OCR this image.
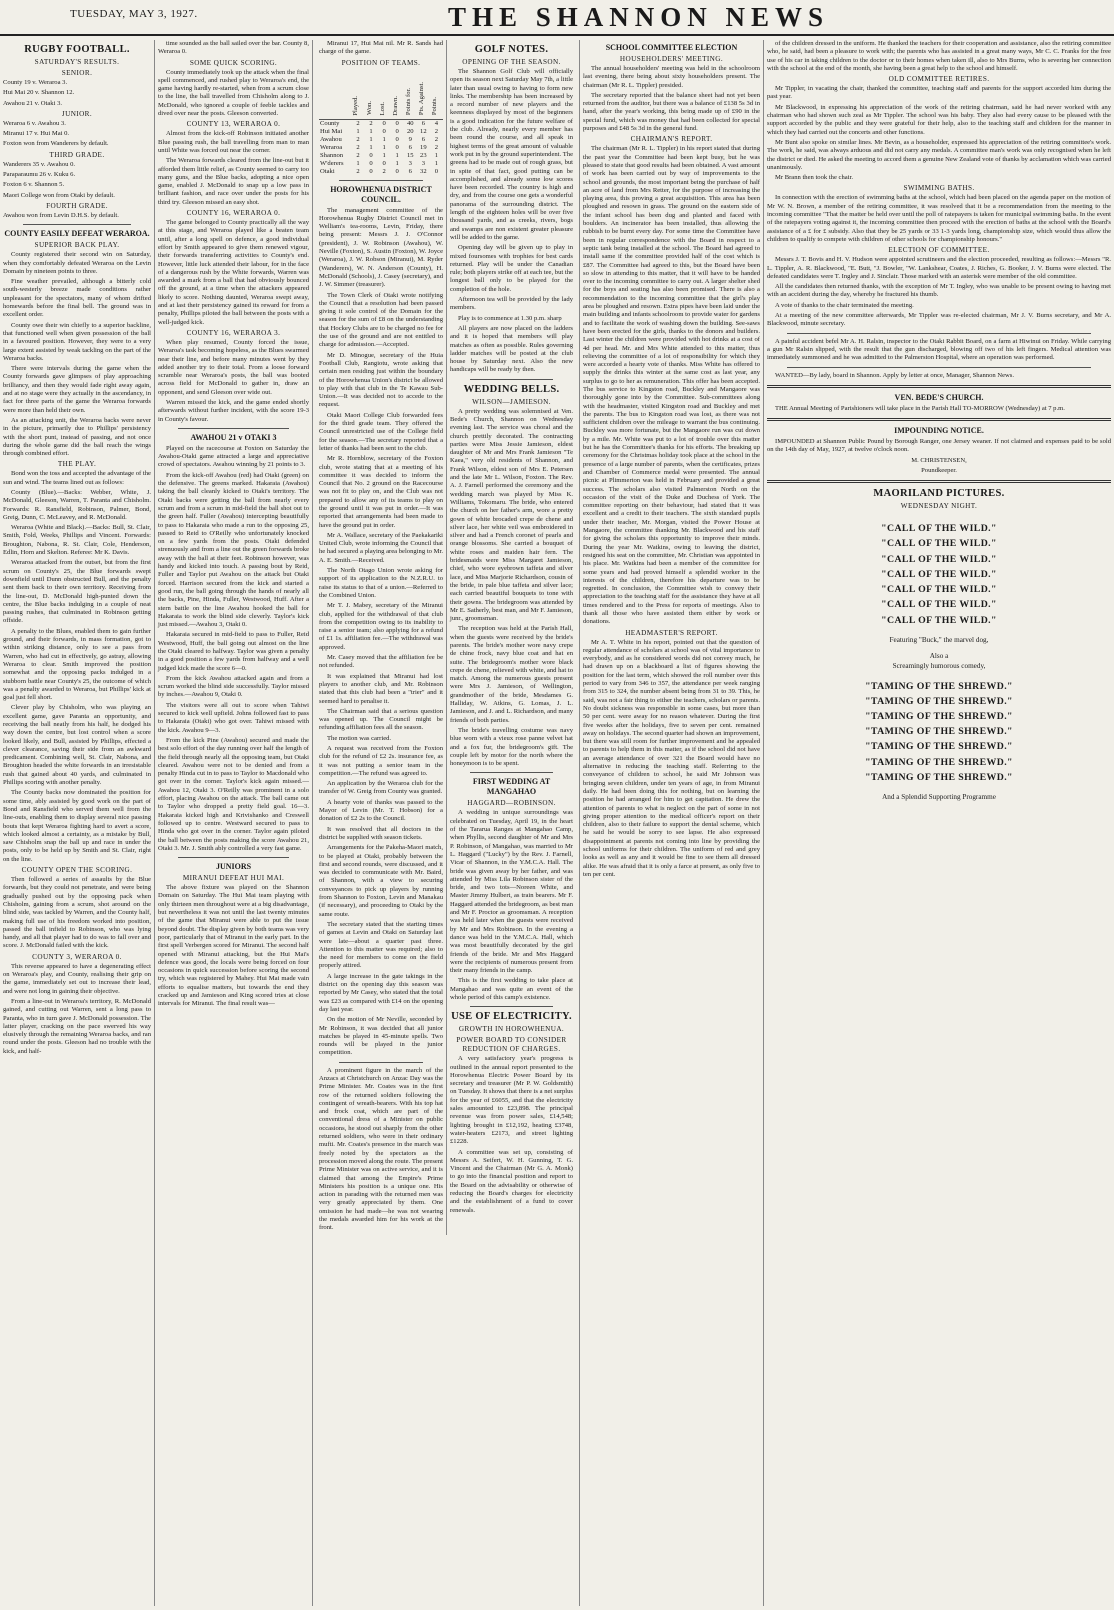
TUESDAY, MAY 3, 1927.	THE SHANNON NEWS
RUGBY FOOTBALL.
SATURDAY'S RESULTS.
SENIOR.

County 19 v. Weraroa 3.

Hui Mai 20 v. Shannon 12.

Awahou 21 v. Otaki 3.

JUNIOR.

Weraroa 6 v. Awahou 3.

Miranui 17 v. Hui Mai 0.

Foxton won from Wanderers by default.

THIRD GRADE.

Wanderers 35 v. Awahou 0.

Paraparaumu 26 v. Kuku 6.

Foxton 6 v. Shannon 5.

Maori College won from Otaki by default.

FOURTH GRADE.

Awahou won from Levin D.H.S. by default.

COUNTY EASILY DEFEAT WERAROA.
SUPERIOR BACK PLAY.

County registered their second win on Saturday, when they comfortably defeated Weraroa on the Levin Domain by nineteen points to three.

Fine weather prevailed, although a bitterly cold south-westerly breeze made conditions rather unpleasant for the spectators, many of whom drifted homewards before the final bell. The ground was in excellent order.

County owe their win chiefly to a superior backline, that functioned well when given possession of the ball in a favoured position. However, they were to a very large extent assisted by weak tackling on the part of the Weraroa backs.

There were intervals during the game when the County forwards gave glimpses of play approaching brilliancy, and then they would fade right away again, and at no stage were they actually in the ascendancy, in fact for three parts of the game the Weraroa forwards were more than held their own.

As an attacking unit, the Weraroa backs were never in the picture, primarily due to Phillips' persistency with the short punt, instead of passing, and not once during the whole game did the ball reach the wings through combined effort.

THE PLAY.

Bond won the toss and accepted the advantage of the sun and wind. The teams lined out as follows:

County (Blue).—Backs: Webber, White, J. McDonald, Gleeson, Warren, T. Paranta and Chisholm. Forwards: R. Ransfield, Robinson, Palmer, Bond, Greig, Dunn, C. McLeavey, and R. McDonald.

Weraroa (White and Black).—Backs: Bull, St. Clair, Smith, Fold, Weeks, Phillips and Vincent. Forwards: Broughton, Nabona, R. St. Clair, Cole, Henderson, Edlin, Horn and Skelton. Referee: Mr K. Davis.

Weraroa attacked from the outset, but from the first scrum on County's 25, the Blue forwards swept downfield until Dunn obstructed Bull, and the penalty sent them back to their own territory. Receiving from the line-out, D. McDonald high-punted down the centre, the Blue backs indulging in a couple of neat passing rushes, that culminated in Robinson getting offside.

A penalty to the Blues, enabled them to gain further ground, and their forwards, in mass formation, got to within striking distance, only to see a pass from Warren, who had cut in effectively, go astray, allowing Weraroa to clear. Smith improved the position somewhat and the opposing packs indulged in a stubborn battle near County's 25, the outcome of which was a penalty awarded to Weraroa, but Phillips' kick at goal just fell short.

Clever play by Chisholm, who was playing an excellent game, gave Paranta an opportunity, and receiving the ball neatly from his half, he dodged his way down the centre, but lost control when a score looked likely, and Bull, assisted by Phillips, effected a clever clearance, saving their side from an awkward predicament. Combining well, St. Clair, Nabona, and Broughton headed the white forwards in an irresistable rush that gained about 40 yards, and culminated in Phillips scoring with another penalty.

The County backs now dominated the position for some time, ably assisted by good work on the part of Bond and Ransfield who served them well from the line-outs, enabling them to display several nice passing bouts that kept Weraroa fighting hard to avert a score, which looked almost a certainty, as a mistake by Bull, saw Chisholm snap the ball up and race in under the posts, only to be held up by Smith and St. Clair, right on the line.

COUNTY OPEN THE SCORING.

Then followed a series of assaults by the Blue forwards, but they could not penetrate, and were being gradually pushed out by the opposing pack when Chisholm, gaining from a scrum, shot around on the blind side, was tackled by Warren, and the County half, making full use of his freedom worked into position, passed the ball infield to Robinson, who was lying handy, and all that player had to do was to fall over and score. J. McDonald failed with the kick.

COUNTY 3, WERAROA 0.

This reverse appeared to have a degenerating effect on Weraroa's play, and County, realising their grip on the game, immediately set out to increase their lead, and were not long in gaining their objective.

From a line-out in Weraroa's territory, R. McDonald gained, and cutting out Warren, sent a long pass to Paranta, who in turn gave J. McDonald possession. The latter player, cracking on the pace swerved his way elusively through the remaining Weraroa backs, and ran round under the posts. Gleeson had no trouble with the kick, and half-

time sounded as the ball sailed over the bar. County 8, Weraroa 0.

SOME QUICK SCORING.

County immediately took up the attack when the final spell commenced, and rushed play to Weraroa's end, the game having hardly re-started, when from a scrum close to the line, the ball travelled from Chisholm along to J. McDonald, who ignored a couple of feeble tackles and dived over near the posts. Gleeson converted.

COUNTY 13, WERAROA 0.

Almost from the kick-off Robinson initiated another Blue passing rush, the ball travelling from man to man until White was forced out near the corner.

The Weraroa forwards cleared from the line-out but it afforded them little relief, as County seemed to carry too many guns, and the Blue backs, adopting a nice open game, enabled J. McDonald to snap up a low pass in brilliant fashion, and race over under the posts for his third try. Gleeson missed an easy shot.

COUNTY 16, WERAROA 0.

The game belonged to County practically all the way at this stage, and Weraroa played like a beaten team until, after a long spell on defence, a good individual effort by Smith appeared to give them renewed vigour, their forwards transferring activities to County's end. However, little luck attended their labour, for in the face of a dangerous rush by the White forwards, Warren was awarded a mark from a ball that had obviously bounced off the ground, at a time when the attackers appeared likely to score. Nothing daunted, Weraroa swept away, and at last their persistency gained its reward for from a penalty, Phillips piloted the ball between the posts with a well-judged kick.

COUNTY 16, WERAROA 3.

When play resumed, County forced the issue, Weraroa's task becoming hopeless, as the Blues swarmed near their line, and before many minutes went by they added another try to their total. From a loose forward scramble near Weraroa's posts, the ball was booted across field for McDonald to gather in, draw an opponent, and send Gleeson over wide out.

Warren missed the kick, and the game ended shortly afterwards without further incident, with the score 19-3 in County's favour.

AWAHOU 21 v OTAKI 3

Played on the racecourse at Foxton on Saturday the Awahou-Otaki game attracted a large and appreciative crowd of spectators. Awahou winning by 21 points to 3.

From the kick-off Awahou (red) had Otaki (green) on the defensive. The greens marked. Hakaraia (Awahou) taking the ball cleanly kicked to Otaki's territory. The Otaki backs were getting the ball from nearly every scrum and from a scrum in mid-field the ball shot out to the green half. Fuller (Awahou) intercepting beautifully to pass to Hakaraia who made a run to the opposing 25, passed to Reid to O'Reilly who unfortunately knocked on a few yards from the posts. Otaki defended strenuously and from a line out the green forwards broke away with the ball at their feet. Robinson however, was handy and kicked into touch. A passing bout by Reid, Fuller and Taylor put Awahou on the attack but Otaki forced. Harrison secured from the kick and started a good run, the ball going through the hands of nearly all the backs, Pine, Hinda, Fuller, Westwood, Huff. After a stern battle on the line Awahou hooked the ball for Hakaraia to work the blind side cleverly. Taylor's kick just missed.—Awahou 3, Otaki 0.

Hakaraia secured in mid-field to pass to Fuller, Reid Westwood, Huff, the ball going out almost on the line the Otaki cleared to halfway. Taylor was given a penalty in a good position a few yards from halfway and a well judged kick made the score 6—0.

From the kick Awahou attacked again and from a scrum worked the blind side successfully. Taylor missed by inches.—Awahou 9, Otaki 0.

The visitors were all out to score when Tahiwi secured to kick well upfield. Johns followed fast to pass to Hakaraia (Otaki) who got over. Tahiwi missed with the kick. Awahou 9—3.

From the kick Pine (Awahou) secured and made the best solo effort of the day running over half the length of the field through nearly all the opposing team, but Otaki cleared. Awahou were not to be denied and from a penalty Hinda cut in to pass to Taylor to Macdonald who got over in the corner. Taylor's kick again missed.—Awahou 12, Otaki 3. O'Reilly was prominent in a solo effort, placing Awahou on the attack. The ball came out to Taylor who dropped a pretty field goal. 16—3. Hakaraia kicked high and Krivishanko and Creswell followed up to centre. Westward secured to pass to Hinda who got over in the corner. Taylor again piloted the ball between the posts making the score Awahou 21, Otaki 3. Mr. J. Smith ably controlled a very fast game.

JUNIORS
MIRANUI DEFEAT HUI MAI.

The above fixture was played on the Shannon Domain on Saturday. The Hui Mai team playing with only thirteen men throughout were at a big disadvantage, but nevertheless it was not until the last twenty minutes of the game that Miranui were able to put the issue beyond doubt. The display given by both teams was very poor, particularly that of Miranui in the early part. In the first spell Verbergen scored for Miranui. The second half opened with Miranui attacking, but the Hui Mai's defence was good, the locals were being forced on four occasions in quick succession before scoring the second try, which was registered by Mahey. Hui Mai made vain efforts to equalise matters, but towards the end they cracked up and Jamieson and King scored tries at close intervals for Miranui. The final result was—

Miranui 17, Hui Mai nil. Mr R. Sands had charge of the game.

POSITION OF TEAMS.
	Played.	Won.	Lost.	Drawn.	Points for.	Pts. Against.	Points.
County	2	2	0	0	40	6	4
Hui Mai	1	1	0	0	20	12	2
Awahou	2	1	1	0	9	6	2
Weraroa	2	1	1	0	6	19	2
Shannon	2	0	1	1	15	23	1
W'derers	1	0	0	1	3	3	1
Otaki	2	0	2	0	6	32	0
HOROWHENUA DISTRICT COUNCIL.

The management committee of the Horowhenua Rugby District Council met in Welliam's tea-rooms, Levin, Friday, there being present: Messrs J. J. O'Connor (president), J. W. Robinson (Awahou), W. Neville (Foxton), S. Austin (Foxton), W. Joyce (Weraroa), J. W. Robson (Miranui), M. Ryder (Wanderers), W. N. Anderson (County), H. McDonald (Schools), J. Casey (secretary), and J. W. Simmer (treasurer).

The Town Clerk of Otaki wrote notifying the Council that a resolution had been passed giving it sole control of the Domain for the season for the sum of £8 on the understanding that Hockey Clubs are to be charged no fee for the use of the ground and are not entitled to charge for admission.—Accepted.

Mr D. Minogue, secretary of the Huia Football Club, Rangiotu, wrote asking that certain men residing just within the boundary of the Horowhenua Union's district be allowed to play with that club in the Te Kawau Sub-Union.—It was decided not to accede to the request.

Otaki Maori College Club forwarded fees for the third grade team. They offered the Council unrestricted use of the College field for the season.—The secretary reported that a letter of thanks had been sent to the club.

Mr R. Hornblow, secretary of the Foxton club, wrote stating that at a meeting of his committee it was decided to inform the Council that No. 2 ground on the Racecourse was not fit to play on, and the Club was not prepared to allow any of its teams to play on the ground until it was put in order.—It was reported that arrangements had been made to have the ground put in order.

Mr A. Wallace, secretary of the Paekakariki United Club, wrote informing the Council that he had secured a playing area belonging to Mr. A. E. Smith.—Received.

The North Otago Union wrote asking for support of its application to the N.Z.R.U. to raise its status to that of a union.—Referred to the Combined Union.

Mr T. J. Mabey, secretary of the Miranui club, applied for the withdrawal of that club from the competition owing to its inability to raise a senior team; also applying for a refund of £1 1s. affiliation fee.—The withdrawal was approved.

Mr. Casey moved that the affiliation fee be not refunded.

It was explained that Miranui had lost players to another club, and Mr. Robinson stated that this club had been a "trier" and it seemed hard to penalise it.

The Chairman said that a serious question was opened up. The Council might be refunding affiliation fees all the season.

The motion was carried.

A request was received from the Foxton club for the refund of £2 2s. insurance fee, as it was not putting a senior team in the competition.—The refund was agreed to.

An application by the Weraroa club for the transfer of W. Greig from County was granted.

A hearty vote of thanks was passed to the Mayor of Levin (Mr. T. Hobson) for a donation of £2 2s to the Council.

It was resolved that all doctors in the district be supplied with season tickets.

Arrangements for the Pakeha-Maori match, to be played at Otaki, probably between the first and second rounds, were discussed, and it was decided to communicate with Mr. Baird, of Shannon, with a view to securing conveyances to pick up players by running from Shannon to Foxton, Levin and Manakau (if necessary), and proceeding to Otaki by the same route.

The secretary stated that the starting times of games at Levin and Otaki on Saturday last were late—about a quarter past three. Attention to this matter was required; also to the need for members to come on the field properly attired.

A large increase in the gate takings in the district on the opening day this season was reported by Mr Casey, who stated that the total was £23 as compared with £14 on the opening day last year.

On the motion of Mr Neville, seconded by Mr Robinson, it was decided that all junior matches be played in 45-minute spells. Two rounds will be played in the junior competition.

A prominent figure in the march of the Anzacs at Christchurch on Anzac Day was the Prime Minister. Mr. Coates was in the first row of the returned soldiers following the contingent of wreath-bearers. With his top hat and frock coat, which are part of the conventional dress of a Minister on public occasions, he stood out sharply from the other returned soldiers, who were in their ordinary mufti. Mr. Coates's presence in the march was freely noted by the spectators as the procession moved along the route. The present Prime Minister was on active service, and it is claimed that among the Empire's Prime Ministers his position is a unique one. His action in parading with the returned men was very greatly appreciated by them. One omission he had made—he was not wearing the medals awarded him for his work at the front.

GOLF NOTES.
OPENING OF THE SEASON.

The Shannon Golf Club will officially open its season next Saturday May 7th, a little later than usual owing to having to form new links. The membership has been increased by a record number of new players and the keenness displayed by most of the beginners is a good indication for the future welfare of the club. Already, nearly every member has been round the course, and all speak in highest terms of the great amount of valuable work put in by the ground superintendent. The greens had to be made out of rough grass, but in spite of that fact, good putting can be accomplished, and already some low scores have been recorded. The country is high and dry, and from the course one gets a wonderful panorama of the surrounding district. The length of the eighteen holes will be over five thousand yards, and as creeks, rivers, bogs and swamps are non existent greater pleasure will be added to the game.

Opening day will be given up to play in mixed foursomes with trophies for best cards returned. Play will be under the Canadian rule; both players strike off at each tee, but the longest ball only to be played for the completion of the hole.

Afternoon tea will be provided by the lady members.

Play is to commence at 1.30 p.m. sharp

All players are now placed on the ladders and it is hoped that members will play matches as often as possible. Rules governing ladder matches will be posted at the club house by Saturday next. Also the new handicaps will be ready by then.

WEDDING BELLS.
WILSON—JAMIESON.

A pretty wedding was solemnised at Ven. Bede's Church, Shannon on Wednesday evening last. The service was choral and the church prettily decorated. The contracting parties were Miss Jessie Jamieson, eldest daughter of Mr and Mrs Frank Jamieson "Te Kaea," very old residents of Shannon, and Frank Wilson, eldest son of Mrs E. Petersen and the late Mr L. Wilson, Foxton. The Rev. A. J. Farnell performed the ceremony and the wedding march was played by Miss K. Williams, Tokomaru. The bride, who entered the church on her father's arm, wore a pretty gown of white brocaded crepe de chene and silver lace, her white veil was embroidered in silver and had a French coronet of pearls and orange blossoms. She carried a bouquet of white roses and maiden hair fern. The bridesmaids were Miss Margaret Jamieson, chief, who wore eyebrown taffeta and silver lace, and Miss Marjorie Richardson, cousin of the bride, in pale blue taffeta and silver lace; each carried beautiful bouquets to tone with their gowns. The bridegroom was attended by Mr E. Satherly, best man, and Mr F. Jamieson, junr., groomsman.

The reception was held at the Parish Hall, when the guests were received by the bride's parents. The bride's mother wore navy crepe de chine frock, navy blue coat and hat en suite. The bridegroom's mother wore black crepe de chene, relieved with white, and hat to match. Among the numerous guests present were Mrs J. Jamieson, of Wellington, grandmother of the bride, Mesdames G. Halliday, W. Atkins, G. Lomas, J. L. Jamieson, and J. and L. Richardson, and many friends of both parties.

The bride's travelling costume was navy blue worn with a vieux rose panne velvet hat and a fox fur, the bridegroom's gift. The couple left by motor for the north where the honeymoon is to be spent.

FIRST WEDDING AT MANGAHAO
HAGGARD—ROBINSON.

A wedding in unique surroundings was celebrated on Tuesday, April 19, in the heart of the Tararua Ranges at Mangahao Camp, when Phyllis, second daughter of Mr and Mrs P. Robinson, of Mangahao, was married to Mr L. Haggard ("Lucky") by the Rev. J. Farnell, Vicar of Shannon, in the Y.M.C.A. Hall. The bride was given away by her father, and was attended by Miss Lila Robinson sister of the bride, and two tots—Noreen White, and Master Jimmy Hulbert, as train bearers. Mr F. Haggard attended the bridegroom, as best man and Mr F. Proctor as groomsman. A reception was held later when the guests were received by Mr and Mrs Robinson. In the evening a dance was held in the Y.M.C.A. Hall, which was most beautifully decorated by the girl friends of the bride. Mr and Mrs Haggard were the recipients of numerous present from their many friends in the camp.

This is the first wedding to take place at Mangahao and was quite an event of the whole period of this camp's existence.

USE OF ELECTRICITY.
GROWTH IN HOROWHENUA.
POWER BOARD TO CONSIDER REDUCTION OF CHARGES.

A very satisfactory year's progress is outlined in the annual report presented to the Horowhenua Electric Power Board by its secretary and treasurer (Mr P. W. Goldsmith) on Tuesday. It shows that there is a net surplus for the year of £6055, and that the electricity sales amounted to £23,898. The principal revenue was from power sales, £14,548; lighting brought in £12,192, heating £3748, water-heaters £2173, and street lighting £1228.

A committee was set up, consisting of Messrs A. Seifert, W. H. Gunning, T. G. Vincent and the Chairman (Mr G. A. Monk) to go into the financial position and report to the Board on the advisability or otherwise of reducing the Board's charges for electricity and the establishment of a fund to cover renewals.

SCHOOL COMMITTEE ELECTION
HOUSEHOLDERS' MEETING.

The annual householders' meeting was held in the schoolroom last evening, there being about sixty householders present. The chairman (Mr R. L. Tippler) presided.

The secretary reported that the balance sheet had not yet been returned from the auditor, but there was a balance of £138 5s 3d in hand, after the year's working, this being made up of £90 in the special fund, which was money that had been collected for special purposes and £48 5s 3d in the general fund.

CHAIRMAN'S REPORT.

The chairman (Mr R. L. Tippler) in his report stated that during the past year the Committee had been kept busy, but he was pleased to state that good results had been obtained. A vast amount of work has been carried out by way of improvements to the school and grounds, the most important being the purchase of half an acre of land from Mrs Retter, for the purpose of increasing the playing area, this proving a great acquisition. This area has been ploughed and resown in grass. The ground on the eastern side of the infant school has been dug and planted and faced with boulders. An incinerator has been installed, thus allowing the rubbish to be burnt every day. For some time the Committee have been in regular correspondence with the Board in respect to a septic tank being installed at the school. The Board had agreed to install same if the committee provided half of the cost which is £87. The Committee had agreed to this, but the Board have been so slow in attending to this matter, that it will have to be handed over to the incoming committee to carry out. A larger shelter shed for the boys and seating has also been promised. There is also a recommendation to the incoming committee that the girl's play area be ploughed and resown. Extra pipes have been laid under the main building and infants schoolroom to provide water for gardens and to facilitate the work of washing down the building. See-saws have been erected for the girls, thanks to the donors and builders. Last winter the children were provided with hot drinks at a cost of 4d per head. Mr. and Mrs White attended to this matter, thus relieving the committee of a lot of responsibility for which they were accorded a hearty vote of thanks. Miss White has offered to supply the drinks this winter at the same cost as last year, any surplus to go to her as remuneration. This offer has been accepted. The bus service to Kingston road, Buckley and Mangaore was thoroughly gone into by the Committee. Sub-committees along with the headmaster, visited Kingston road and Buckley and met the parents. The bus to Kingston road was lost, as there was not sufficient children over the mileage to warrant the bus continuing. Buckley was more fortunate, but the Mangaore run was cut down by a mile. Mr. White was put to a lot of trouble over this matter but he has the Committee's thanks for his efforts. The breaking up ceremony for the Christmas holiday took place at the school in the presence of a large number of parents, when the certificates, prizes and Chamber of Commerce medal were presented. The annual picnic at Plimmerton was held in February and provided a great success. The scholars also visited Palmerston North on the occasion of the visit of the Duke and Duchess of York. The committee reporting on their behaviour, had stated that it was excellent and a credit to their teachers. The sixth standard pupils under their teacher, Mr. Morgan, visited the Power House at Mangaore, the committee thanking Mr. Blackwood and his staff for giving the scholars this opportunity to improve their minds. During the year Mr. Watkins, owing to leaving the district, resigned his seat on the committee, Mr. Christian was appointed in his place. Mr. Watkins had been a member of the committee for some years and had proved himself a splendid worker in the interests of the children, therefore his departure was to be regretted. In conclusion, the Committee wish to convey their appreciation to the teaching staff for the assistance they have at all times rendered and to the Press for reports of meetings. Also to thank all those who have assisted them either by work or donations.

HEADMASTER'S REPORT.

Mr A. T. White in his report, pointed out that the question of regular attendance of scholars at school was of vital importance to everybody, and as he considered words did not convey much, he had drawn up on a blackboard a list of figures showing the position for the last term, which showed the roll number over this period to vary from 346 to 357, the attendance per week ranging from 315 to 324, the number absent being from 31 to 39. This, he said, was not a fair thing to either the teachers, scholars or parents. No doubt sickness was responsible in some cases, but more than 50 per cent. were away for no reason whatever. During the first five weeks after the holidays, five to seven per cent. remained away on holidays. The second quarter had shown an improvement, but there was still room for further improvement and he appealed to parents to help them in this matter, as if the school did not have an average attendance of over 321 the Board would have no alternative in reducing the teaching staff. Referring to the conveyance of children to school, he said Mr Johnson was bringing seven children, under ten years of age, in from Miranui daily. He had been doing this for nothing, but on learning the position he had arranged for him to get capitation. He drew the attention of parents to what is neglect on the part of some in not giving proper attention to the medical officer's report on their children, also to their failure to support the dental scheme, which he said he would be sorry to see lapse. He also expressed disappointment at parents not coming into line by providing the school uniforms for their children. The uniform of red and grey looks as well as any and it would be fine to see them all dressed alike. He was afraid that it is only a farce at present, as only five to ten per cent.

of the children dressed in the uniform. He thanked the teachers for their cooperation and assistance, also the retiring committee who, he said, had been a pleasure to work with; the parents who has assisted in a great many ways, Mr C. C. Franks for the free use of his car in taking children to the doctor or to their homes when taken ill, also to Mrs Burns, who is severing her connection with the school at the end of the month, she having been a great help to the school and himself.

OLD COMMITTEE RETIRES.

Mr Tippler, in vacating the chair, thanked the committee, teaching staff and parents for the support accorded him during the past year.

Mr Blackwood, in expressing his appreciation of the work of the retiring chairman, said he had never worked with any chairman who had shown such zeal as Mr Tippler. The school was his baby. They also had every cause to be pleased with the support accorded by the public and they were grateful for their help, also to the teaching staff and children for the manner in which they had carried out the concerts and other functions.

Mr Bunt also spoke on similar lines. Mr Bevin, as a householder, expressed his appreciation of the retiring committee's work. The work, he said, was always arduous and did not carry any medals. A committee man's work was only recognised when he left the district or died. He asked the meeting to accord them a genuine New Zealand vote of thanks by acclamation which was carried unanimously.

Mr Brann then took the chair.

SWIMMING BATHS.

In connection with the erection of swimming baths at the school, which had been placed on the agenda paper on the motion of Mr W. N. Brown, a member of the retiring committee, it was resolved that it be a recommendation from the meeting to the incoming committee "That the matter be held over until the poll of ratepayers is taken for municipal swimming baths. In the event of the ratepayers voting against it, the incoming committee then proceed with the erection of baths at the school with the Board's assistance of a £ for £ subsidy. Also that they be 25 yards or 33 1-3 yards long, championship size, which would thus allow the children to qualify to compete with children of other schools for championship honours."

ELECTION OF COMMITTEE.

Messrs J. T. Bovis and H. V. Hudson were appointed scrutineers and the election proceeded, resulting as follows:—Messrs "R. L. Tippler, A. R. Blackwood, "E. Butt, "J. Bowler, "W. Lankshear, Coates, J. Riches, G. Booker, J. V. Burns were elected. The defeated candidates were T. Ingley and J. Sinclair. Those marked with an asterisk were member of the old committee.

All the candidates then returned thanks, with the exception of Mr T. Ingley, who was unable to be present owing to having met with an accident during the day, whereby he fractured his thumb.

A vote of thanks to the chair terminated the meeting.

At a meeting of the new committee afterwards, Mr Tippler was re-elected chairman, Mr J. V. Burns secretary, and Mr A. Blackwood, minute secretary.

A painful accident befel Mr A. H. Ralsin, inspector to the Otaki Rabbit Board, on a farm at Hiwinui on Friday. While carrying a gun Mr Ralsin slipped, with the result that the gun discharged, blowing off two of his left fingers. Medical attention was immediately summoned and he was admitted to the Palmerston Hospital, where an operation was performed.

WANTED—By lady, board in Shannon. Apply by letter at once, Manager, Shannon News.

VEN. BEDE'S CHURCH.

THE Annual Meeting of Parishioners will take place in the Parish Hall TO-MORROW (Wednesday) at 7 p.m.

IMPOUNDING NOTICE.

IMPOUNDED at Shannon Public Pound by Borough Ranger, one Jersey weaner. If not claimed and expenses paid to be sold on the 14th day of May, 1927, at twelve o'clock noon.

M. CHRISTENSEN,

Poundkeeper.

MAORILAND PICTURES.
WEDNESDAY NIGHT.

"CALL OF THE WILD."

"CALL OF THE WILD."

"CALL OF THE WILD."

"CALL OF THE WILD."

"CALL OF THE WILD."

"CALL OF THE WILD."

"CALL OF THE WILD."

Featuring "Buck," the marvel dog,

Also a

Screamingly humorous comedy,

"TAMING OF THE SHREWD."

"TAMING OF THE SHREWD."

"TAMING OF THE SHREWD."

"TAMING OF THE SHREWD."

"TAMING OF THE SHREWD."

"TAMING OF THE SHREWD."

"TAMING OF THE SHREWD."

And a Splendid Supporting Programme
